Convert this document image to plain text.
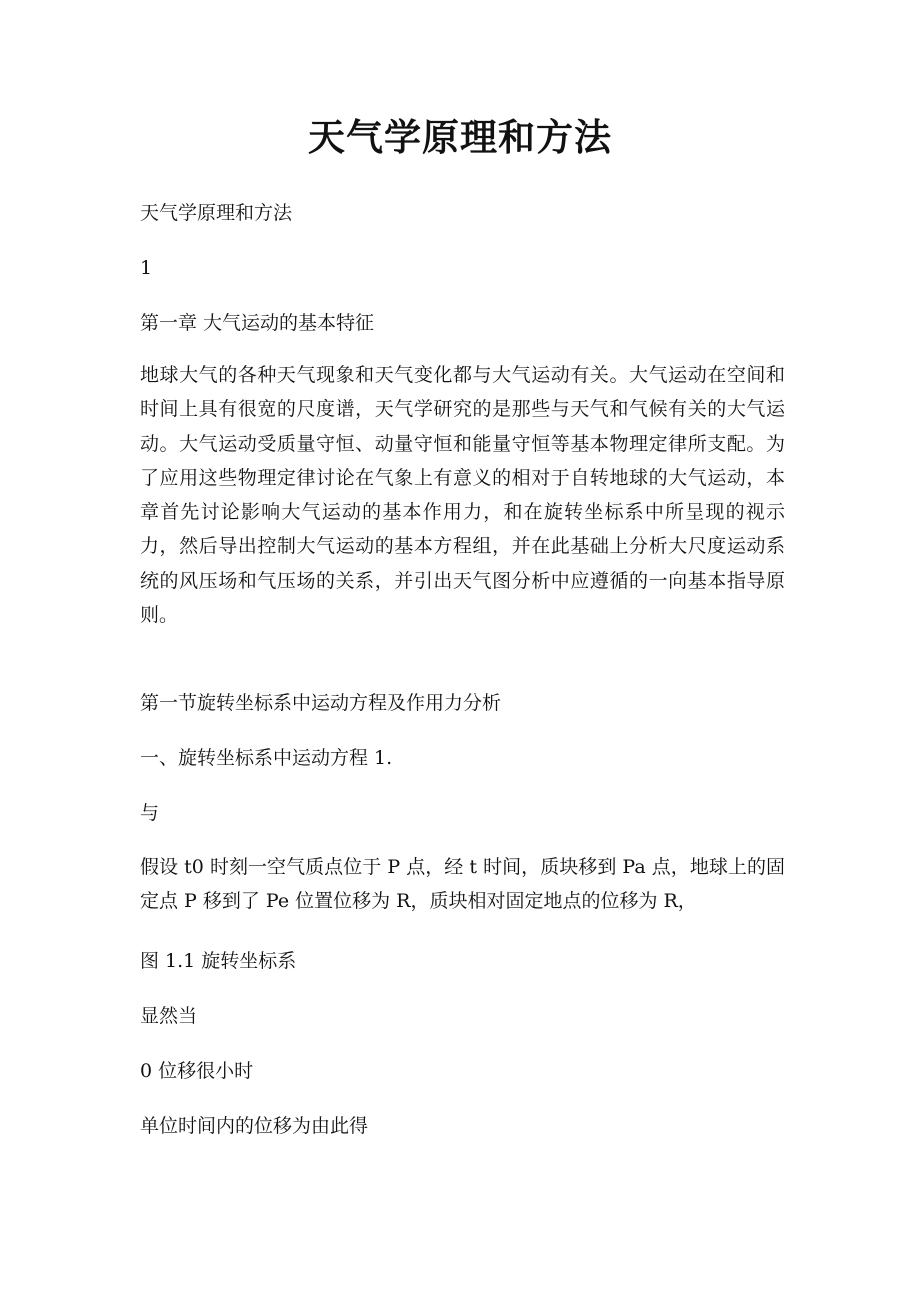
天气学原理和方法
天气学原理和方法
1
第一章 大气运动的基本特征
地球大气的各种天气现象和天气变化都与大气运动有关。大气运动在空间和时间上具有很宽的尺度谱，天气学研究的是那些与天气和气候有关的大气运动。大气运动受质量守恒、动量守恒和能量守恒等基本物理定律所支配。为了应用这些物理定律讨论在气象上有意义的相对于自转地球的大气运动，本章首先讨论影响大气运动的基本作用力，和在旋转坐标系中所呈现的视示力，然后导出控制大气运动的基本方程组，并在此基础上分析大尺度运动系统的风压场和气压场的关系，并引出天气图分析中应遵循的一向基本指导原则。
第一节旋转坐标系中运动方程及作用力分析
一、旋转坐标系中运动方程 1.
与
假设 t0 时刻一空气质点位于 P 点，经 t 时间，质块移到 Pa 点，地球上的固定点 P 移到了 Pe 位置位移为 R，质块相对固定地点的位移为 R，
图 1.1 旋转坐标系
显然当
0 位移很小时
单位时间内的位移为由此得
